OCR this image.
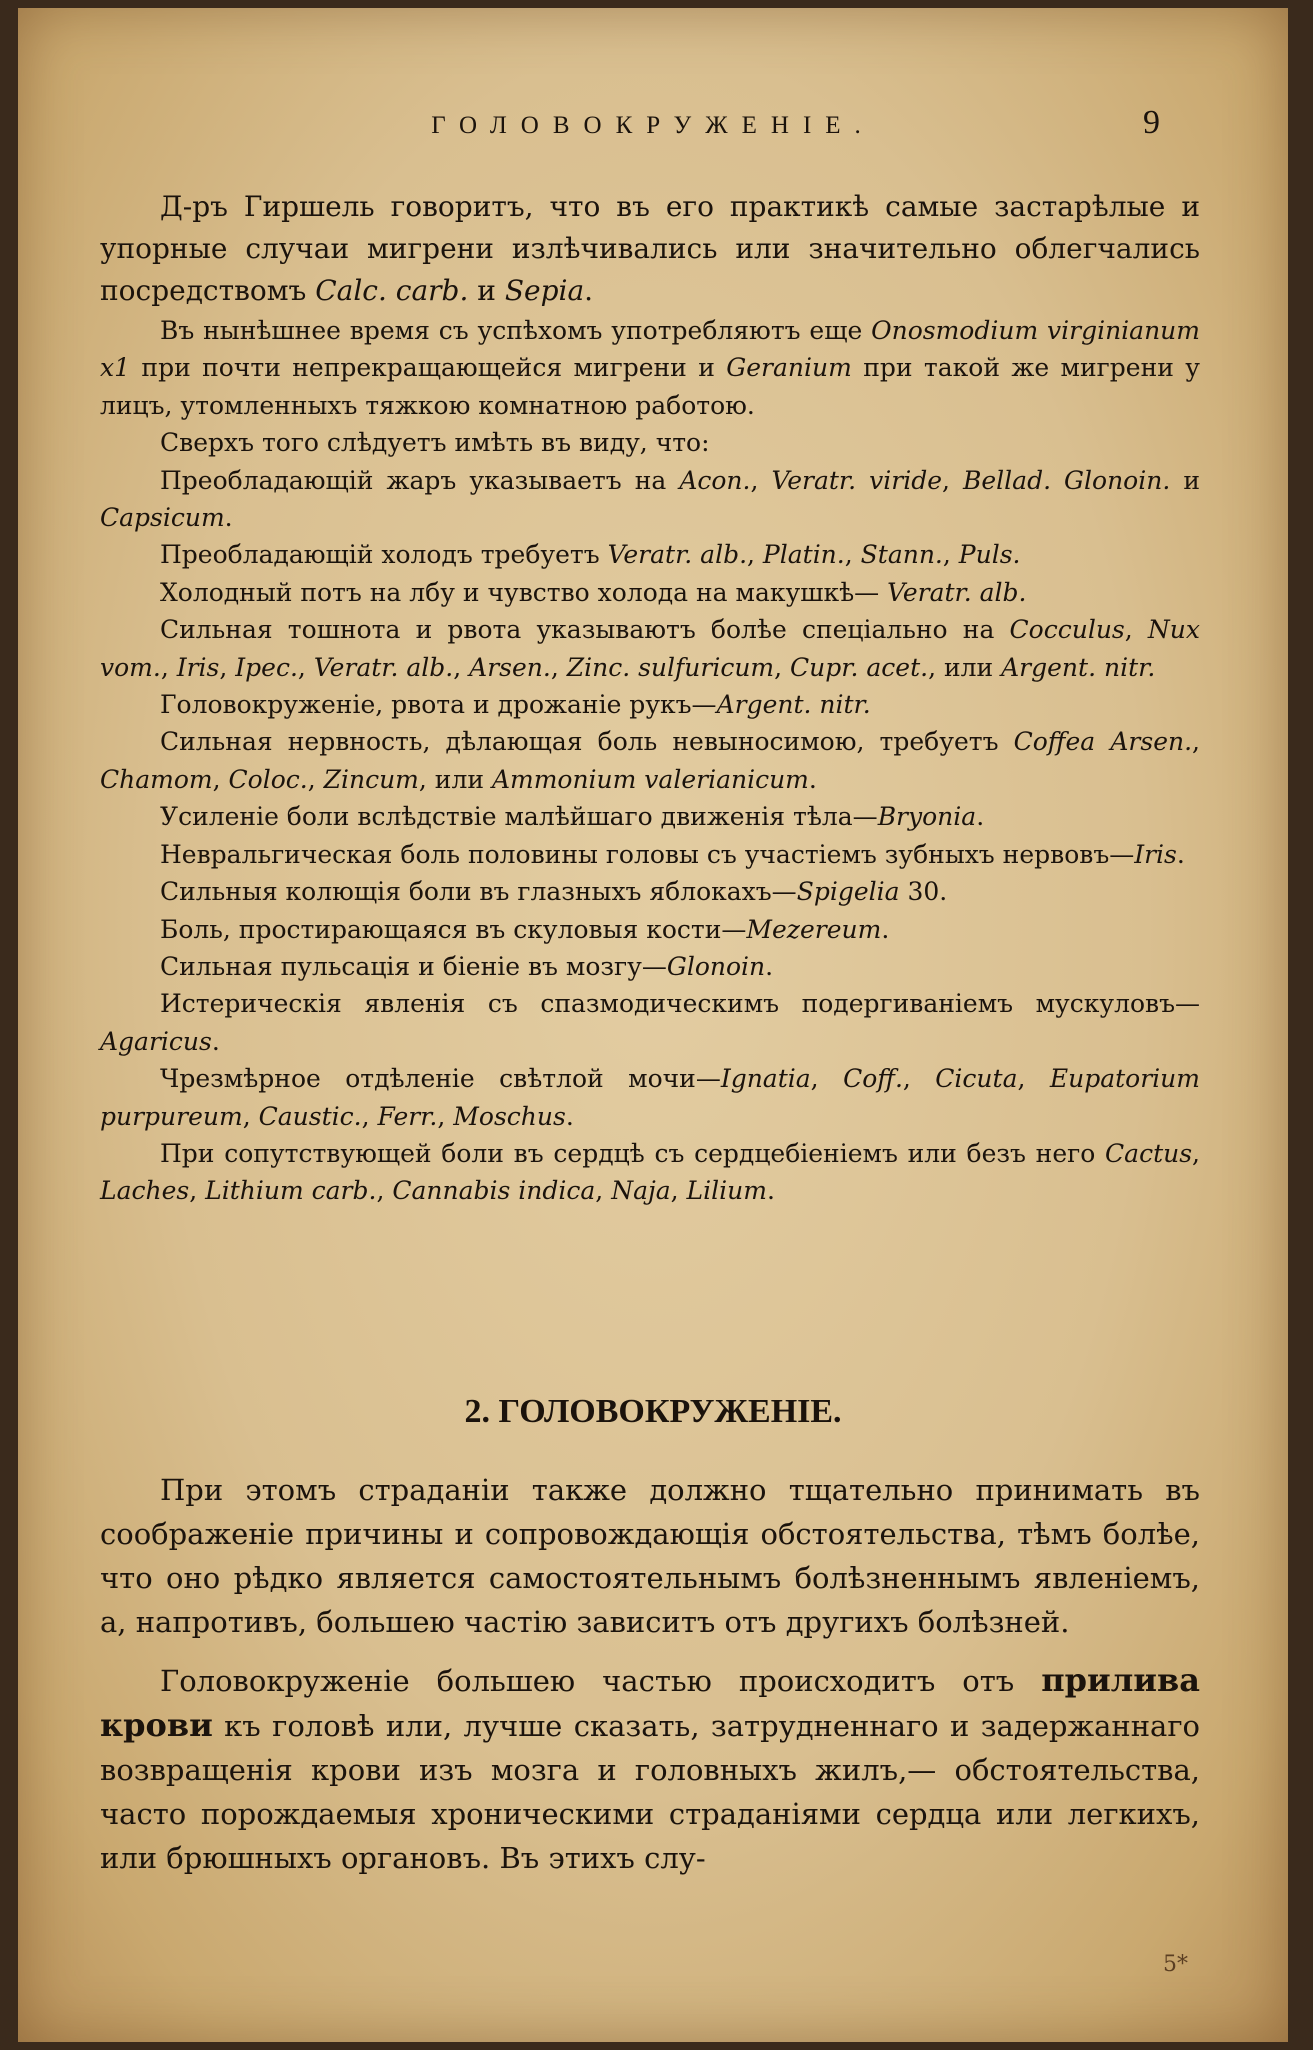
ГОЛОВОКРУЖЕНІЕ.	9

Д-ръ Гиршель говоритъ, что въ его практикѣ самые застарѣлые и упорные случаи мигрени излѣчивались или значительно облегчались посредствомъ Calc. carb. и Sepia.

Въ нынѣшнее время съ успѣхомъ употребляютъ еще Onosmodium virginianum x1 при почти непрекращающейся мигрени и Geranium при такой же мигрени у лицъ, утомленныхъ тяжкою комнатною работою.

Сверхъ того слѣдуетъ имѣть въ виду, что:

Преобладающій жаръ указываетъ на Acon., Veratr. viride, Bellad. Glonoin. и Capsicum.

Преобладающій холодъ требуетъ Veratr. alb., Platin., Stann., Puls.

Холодный потъ на лбу и чувство холода на макушкѣ— Veratr. alb.

Сильная тошнота и рвота указываютъ болѣе спеціально на Cocculus, Nux vom., Iris, Ipec., Veratr. alb., Arsen., Zinc. sulfuricum, Cupr. acet., или Argent. nitr.

Головокруженіе, рвота и дрожаніе рукъ—Argent. nitr.

Сильная нервность, дѣлающая боль невыносимою, требуетъ Coffea Arsen., Chamom, Coloc., Zincum, или Ammonium valerianicum.

Усиленіе боли вслѣдствіе малѣйшаго движенія тѣла—Bryonia.

Невральгическая боль половины головы съ участіемъ зубныхъ нервовъ—Iris.

Сильныя колющія боли въ глазныхъ яблокахъ—Spigelia 30.

Боль, простирающаяся въ скуловыя кости—Mezereum.

Сильная пульсація и біеніе въ мозгу—Glonoin.

Истерическія явленія съ спазмодическимъ подергиваніемъ мускуловъ—Agaricus.

Чрезмѣрное отдѣленіе свѣтлой мочи—Ignatia, Coff., Cicuta, Eupatorium purpureum, Caustic., Ferr., Moschus.

При сопутствующей боли въ сердцѣ съ сердцебіеніемъ или безъ него Cactus, Laches, Lithium carb., Cannabis indica, Naja, Lilium.

2. ГОЛОВОКРУЖЕНІЕ.

При этомъ страданіи также должно тщательно принимать въ соображеніе причины и сопровождающія обстоятельства, тѣмъ болѣе, что оно рѣдко является самостоятельнымъ болѣзненнымъ явленіемъ, а, напротивъ, большею частію зависитъ отъ другихъ болѣзней.

Головокруженіе большею частью происходитъ отъ прилива крови къ головѣ или, лучше сказать, затрудненнаго и задержаннаго возвращенія крови изъ мозга и головныхъ жилъ,— обстоятельства, часто порождаемыя хроническими страданіями сердца или легкихъ, или брюшныхъ органовъ. Въ этихъ слу-

5*
